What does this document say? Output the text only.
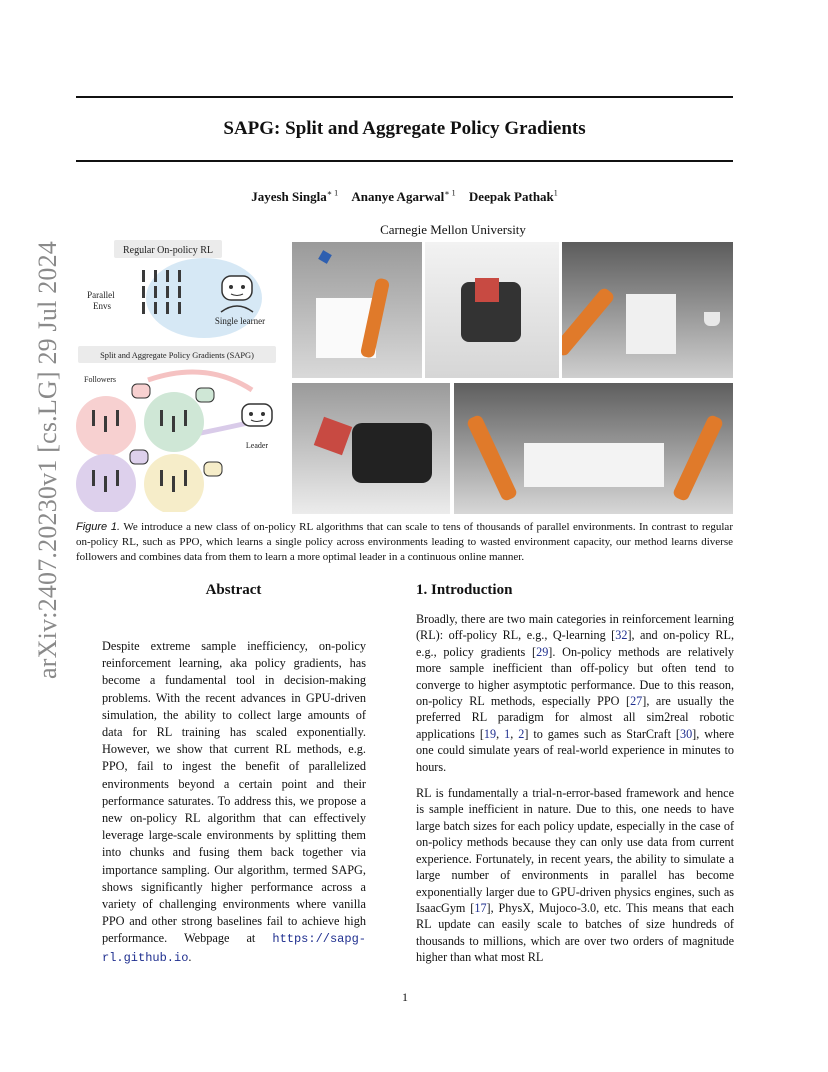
SAPG: Split and Aggregate Policy Gradients
Jayesh Singla$^{∗ 1}$ Ananye Agarwal$^{∗ 1}$ Deepak Pathak$^1$
Carnegie Mellon University
arXiv:2407.20230v1 [cs.LG] 29 Jul 2024	Regular On-policy RL
Parallel Envs
Single learner
Split and Aggregate Policy Gradients (SAPG)
Followers
Leader

Figure 1. We introduce a new class of on-policy RL algorithms that can scale to tens of thousands of parallel environments. In contrast to regular on-policy RL, such as PPO, which learns a single policy across environments leading to wasted environment capacity, our method learns diverse followers and combines data from them to learn a more optimal leader in a continuous online manner.

Abstract

Despite extreme sample inefficiency, on-policy reinforcement learning, aka policy gradients, has become a fundamental tool in decision-making problems. With the recent advances in GPU-driven simulation, the ability to collect large amounts of data for RL training has scaled exponentially. However, we show that current RL methods, e.g. PPO, fail to ingest the benefit of parallelized environments beyond a certain point and their performance saturates. To address this, we propose a new on-policy RL algorithm that can effectively leverage large-scale environments by splitting them into chunks and fusing them back together via importance sampling. Our algorithm, termed SAPG, shows significantly higher performance across a variety of challenging environments where vanilla PPO and other strong baselines fail to achieve high performance. Webpage at https://sapg-rl.github.io.

1. Introduction

Broadly, there are two main categories in reinforcement learning (RL): off-policy RL, e.g., Q-learning [32], and on-policy RL, e.g., policy gradients [29]. On-policy methods are relatively more sample inefficient than off-policy but often tend to converge to higher asymptotic performance. Due to this reason, on-policy RL methods, especially PPO [27], are usually the preferred RL paradigm for almost all sim2real robotic applications [19, 1, 2] to games such as StarCraft [30], where one could simulate years of real-world experience in minutes to hours.

RL is fundamentally a trial-n-error-based framework and hence is sample inefficient in nature. Due to this, one needs to have large batch sizes for each policy update, especially in the case of on-policy methods because they can only use data from current experience. Fortunately, in recent years, the ability to simulate a large number of environments in parallel has become exponentially larger due to GPU-driven physics engines, such as IsaacGym [17], PhysX, Mujoco-3.0, etc. This means that each RL update can easily scale to batches of size hundreds of thousands to millions, which are over two orders of magnitude higher than what most RL

1
